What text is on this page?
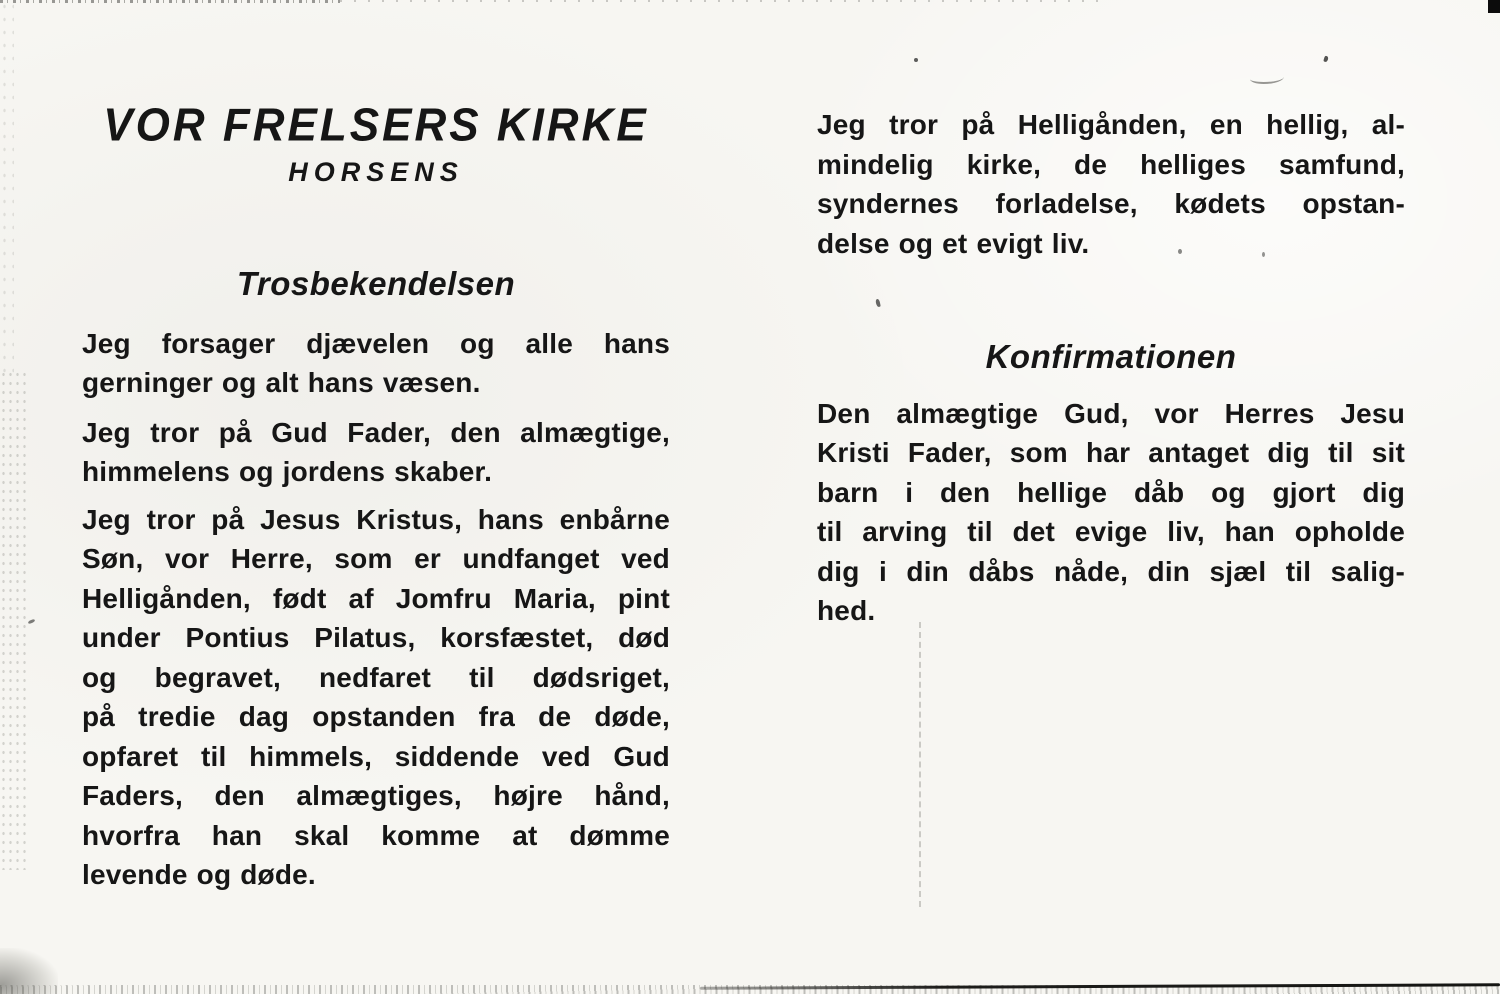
VOR FRELSERS KIRKE
HORSENS
Trosbekendelsen
Jeg forsager djævelen og alle hans
gerninger og alt hans væsen.
Jeg tror på Gud Fader, den almægtige,
himmelens og jordens skaber.
Jeg tror på Jesus Kristus, hans enbårne
Søn, vor Herre, som er undfanget ved
Helligånden, født af Jomfru Maria, pint
under Pontius Pilatus, korsfæstet, død
og begravet, nedfaret til dødsriget,
på tredie dag opstanden fra de døde,
opfaret til himmels, siddende ved Gud
Faders, den almægtiges, højre hånd,
hvorfra han skal komme at dømme
levende og døde.
Jeg tror på Helligånden, en hellig, al-
mindelig kirke, de helliges samfund,
syndernes forladelse, kødets opstan-
delse og et evigt liv.
Konfirmationen
Den almægtige Gud, vor Herres Jesu
Kristi Fader, som har antaget dig til sit
barn i den hellige dåb og gjort dig
til arving til det evige liv, han opholde
dig i din dåbs nåde, din sjæl til salig-
hed.
